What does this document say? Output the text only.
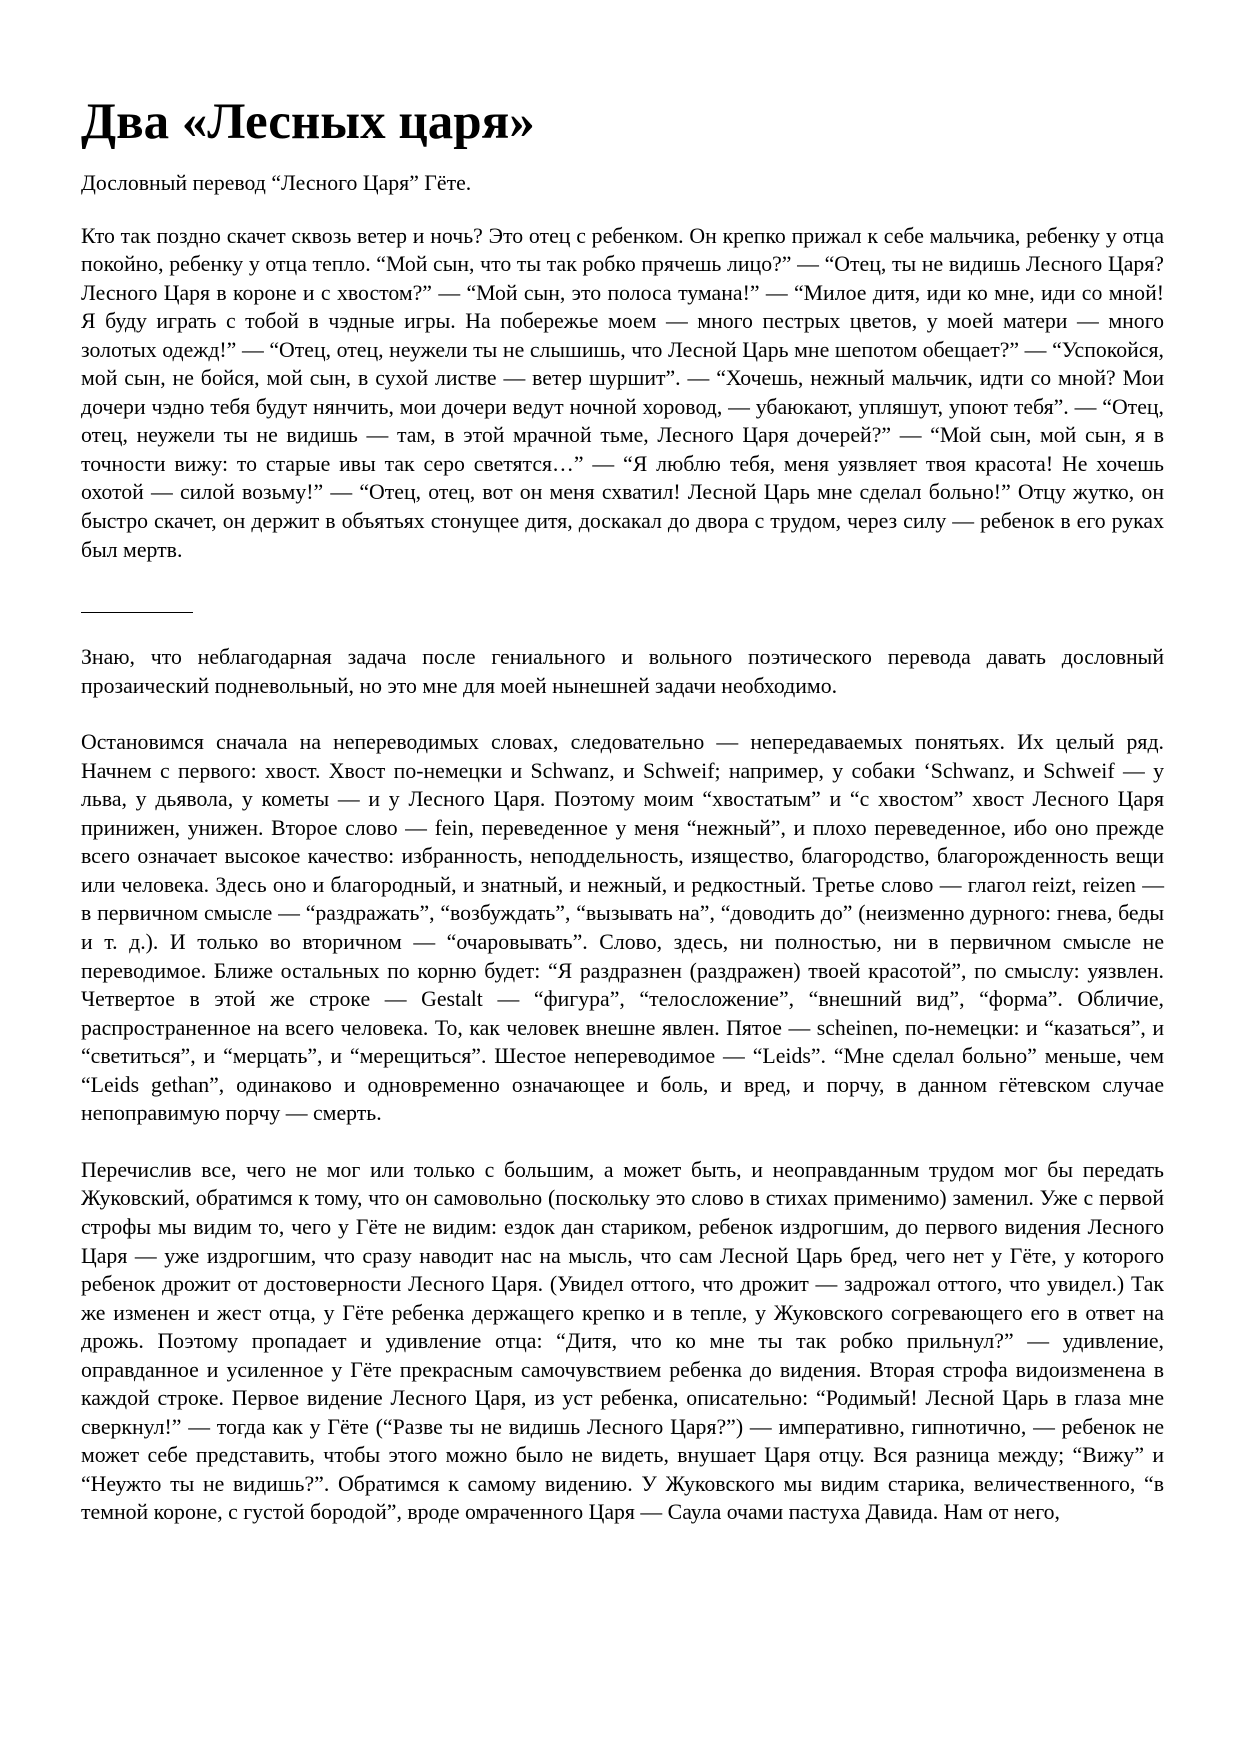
Два «Лесных царя»

Дословный перевод “Лесного Царя” Гёте.

Кто так поздно скачет сквозь ветер и ночь? Это отец с ребенком. Он крепко прижал к себе мальчика, ребенку у отца покойно, ребенку у отца тепло. “Мой сын, что ты так робко прячешь лицо?” — “Отец, ты не видишь Лесного Царя? Лесного Царя в короне и с хвостом?” — “Мой сын, это полоса тумана!” — “Милое дитя, иди ко мне, иди со мной! Я буду играть с тобой в чэдные игры. На побережье моем — много пестрых цветов, у моей матери — много золотых одежд!” — “Отец, отец, неужели ты не слышишь, что Лесной Царь мне шепотом обещает?” — “Успокойся, мой сын, не бойся, мой сын, в сухой листве — ветер шуршит”. — “Хочешь, нежный мальчик, идти со мной? Мои дочери чэдно тебя будут нянчить, мои дочери ведут ночной хоровод, — убаюкают, упляшут, упоют тебя”. — “Отец, отец, неужели ты не видишь — там, в этой мрачной тьме, Лесного Царя дочерей?” — “Мой сын, мой сын, я в точности вижу: то старые ивы так серо светятся…” — “Я люблю тебя, меня уязвляет твоя красота! Не хочешь охотой — силой возьму!” — “Отец, отец, вот он меня схватил! Лесной Царь мне сделал больно!” Отцу жутко, он быстро скачет, он держит в объятьях стонущее дитя, доскакал до двора с трудом, через силу — ребенок в его руках был мертв.

Знаю, что неблагодарная задача после гениального и вольного поэтического перевода давать дословный прозаический подневольный, но это мне для моей нынешней задачи необходимо.

Остановимся сначала на непереводимых словах, следовательно — непередаваемых понятьях. Их целый ряд. Начнем с первого: хвост. Хвост по-немецки и Schwanz, и Schweif; например, у собаки ‘Schwanz, и Schweif — у льва, у дьявола, у кометы — и у Лесного Царя. Поэтому моим “хвостатым” и “с хвостом” хвост Лесного Царя принижен, унижен. Второе слово — fein, переведенное у меня “нежный”, и плохо переведенное, ибо оно прежде всего означает высокое качество: избранность, неподдельность, изящество, благородство, благорожденность вещи или человека. Здесь оно и благородный, и знатный, и нежный, и редкостный. Третье слово — глагол reizt, reizen — в первичном смысле — “раздражать”, “возбуждать”, “вызывать на”, “доводить до” (неизменно дурного: гнева, беды и т. д.). И только во вторичном — “очаровывать”. Слово, здесь, ни полностью, ни в первичном смысле не переводимое. Ближе остальных по корню будет: “Я раздразнен (раздражен) твоей красотой”, по смыслу: уязвлен. Четвертое в этой же строке — Gestalt — “фигура”, “телосложение”, “внешний вид”, “форма”. Обличие, распространенное на всего человека. То, как человек внешне явлен. Пятое — scheinen, по-немецки: и “казаться”, и “светиться”, и “мерцать”, и “мерещиться”. Шестое непереводимое — “Leids”. “Мне сделал больно” меньше, чем “Leids gethan”, одинаково и одновременно означающее и боль, и вред, и порчу, в данном гётевском случае непоправимую порчу — смерть.

Перечислив все, чего не мог или только с большим, а может быть, и неоправданным трудом мог бы передать Жуковский, обратимся к тому, что он самовольно (поскольку это слово в стихах применимо) заменил. Уже с первой строфы мы видим то, чего у Гёте не видим: ездок дан стариком, ребенок издрогшим, до первого видения Лесного Царя — уже издрогшим, что сразу наводит нас на мысль, что сам Лесной Царь бред, чего нет у Гёте, у которого ребенок дрожит от достоверности Лесного Царя. (Увидел оттого, что дрожит — задрожал оттого, что увидел.) Так же изменен и жест отца, у Гёте ребенка держащего крепко и в тепле, у Жуковского согревающего его в ответ на дрожь. Поэтому пропадает и удивление отца: “Дитя, что ко мне ты так робко прильнул?” — удивление, оправданное и усиленное у Гёте прекрасным самочувствием ребенка до видения. Вторая строфа видоизменена в каждой строке. Первое видение Лесного Царя, из уст ребенка, описательно: “Родимый! Лесной Царь в глаза мне сверкнул!” — тогда как у Гёте (“Разве ты не видишь Лесного Царя?”) — императивно, гипнотично, — ребенок не может себе представить, чтобы этого можно было не видеть, внушает Царя отцу. Вся разница между; “Вижу” и “Неужто ты не видишь?”. Обратимся к самому видению. У Жуковского мы видим старика, величественного, “в темной короне, с густой бородой”, вроде омраченного Царя — Саула очами пастуха Давида. Нам от него,
